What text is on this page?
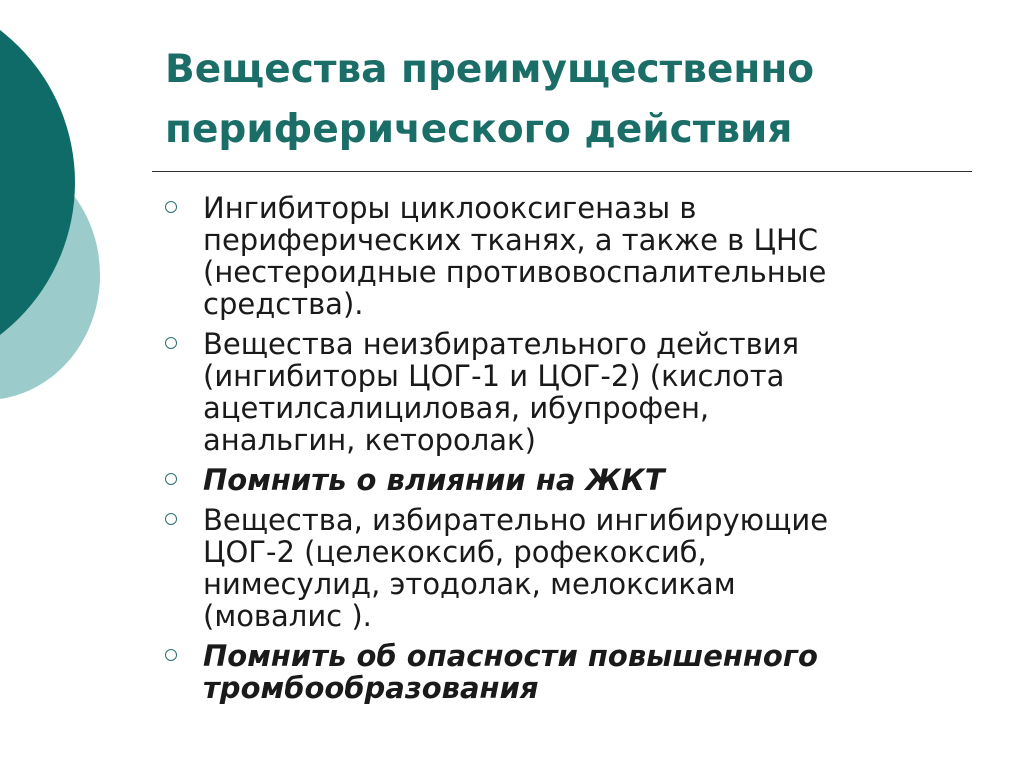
Вещества преимущественно
периферического действия
Ингибиторы циклооксигеназы в
периферических тканях, а также в ЦНС
(нестероидные противовоспалительные
средства).
Вещества неизбирательного действия
(ингибиторы ЦОГ-1 и ЦОГ-2) (кислота
ацетилсалициловая, ибупрофен,
анальгин, кеторолак)
Помнить о влиянии на ЖКТ
Вещества, избирательно ингибирующие
ЦОГ-2 (целекоксиб, рофекоксиб,
нимесулид, этодолак, мелоксикам
(мовалис ).
Помнить об опасности повышенного
тромбообразования
